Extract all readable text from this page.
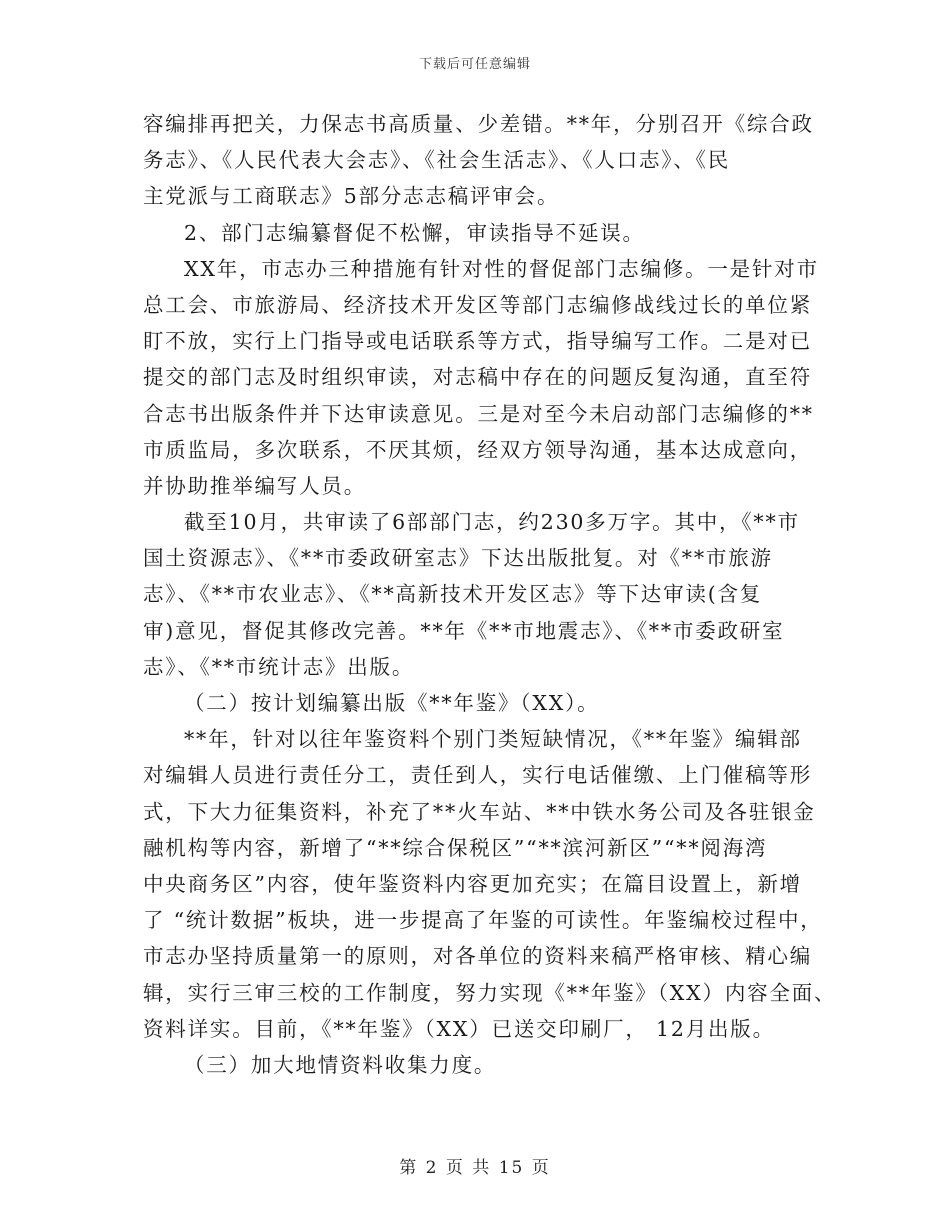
下载后可任意编辑
容编排再把关，力保志书高质量、少差错。**年，分别召开《综合政
务志》、《人民代表大会志》、《社会生活志》、《人口志》、《民
主党派与工商联志》5部分志志稿评审会。
2、部门志编纂督促不松懈，审读指导不延误。
XX年，市志办三种措施有针对性的督促部门志编修。一是针对市
总工会、市旅游局、经济技术开发区等部门志编修战线过长的单位紧
盯不放，实行上门指导或电话联系等方式，指导编写工作。二是对已
提交的部门志及时组织审读，对志稿中存在的问题反复沟通，直至符
合志书出版条件并下达审读意见。三是对至今未启动部门志编修的**
市质监局，多次联系，不厌其烦，经双方领导沟通，基本达成意向，
并协助推举编写人员。
截至10月，共审读了6部部门志，约230多万字。其中，《**市
国土资源志》、《**市委政研室志》下达出版批复。对《**市旅游
志》、《**市农业志》、《**高新技术开发区志》等下达审读(含复
审)意见，督促其修改完善。**年《**市地震志》、《**市委政研室
志》、《**市统计志》出版。
（二）按计划编纂出版《**年鉴》（XX）。
**年，针对以往年鉴资料个别门类短缺情况，《**年鉴》编辑部
对编辑人员进行责任分工，责任到人，实行电话催缴、上门催稿等形
式，下大力征集资料，补充了**火车站、**中铁水务公司及各驻银金
融机构等内容，新增了“**综合保税区”“**滨河新区”“**阅海湾
中央商务区”内容，使年鉴资料内容更加充实；在篇目设置上，新增
了 “统计数据”板块，进一步提高了年鉴的可读性。年鉴编校过程中，
市志办坚持质量第一的原则，对各单位的资料来稿严格审核、精心编
辑，实行三审三校的工作制度，努力实现《**年鉴》（XX）内容全面、
资料详实。目前，《**年鉴》（XX）已送交印刷厂， 12月出版。
（三）加大地情资料收集力度。
第 2 页 共 15 页
